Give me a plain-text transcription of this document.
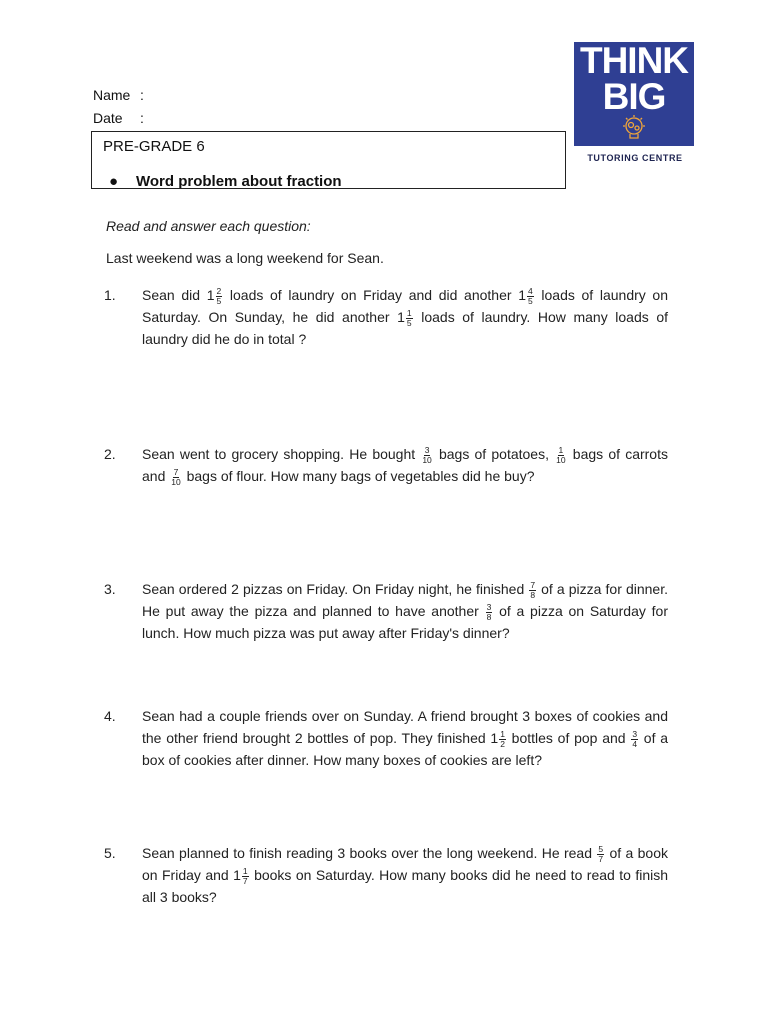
Name :
Date :
PRE-GRADE 6
● Word problem about fraction
THINK
BIG
TUTORING CENTRE
Read and answer each question:
Last weekend was a long weekend for Sean.
1.	Sean did $1 \frac{2}{5}$ loads of laundry on Friday and did another $1 \frac{4}{5}$ loads of laundry on Saturday. On Sunday, he did another $1 \frac{1}{5}$ loads of laundry. How many loads of laundry did he do in total ?
2.	Sean went to grocery shopping. He bought $\frac{3}{10}$ bags of potatoes, $\frac{1}{10}$ bags of carrots and $\frac{7}{10}$ bags of flour. How many bags of vegetables did he buy?
3.	Sean ordered 2 pizzas on Friday. On Friday night, he finished $\frac{7}{8}$ of a pizza for dinner. He put away the pizza and planned to have another $\frac{3}{8}$ of a pizza on Saturday for lunch. How much pizza was put away after Friday's dinner?
4.	Sean had a couple friends over on Sunday. A friend brought 3 boxes of cookies and the other friend brought 2 bottles of pop. They finished $1 \frac{1}{2}$ bottles of pop and $\frac{3}{4}$ of a box of cookies after dinner. How many boxes of cookies are left?
5.	Sean planned to finish reading 3 books over the long weekend. He read $\frac{5}{7}$ of a book on Friday and $1 \frac{1}{7}$ books on Saturday. How many books did he need to read to finish all 3 books?
